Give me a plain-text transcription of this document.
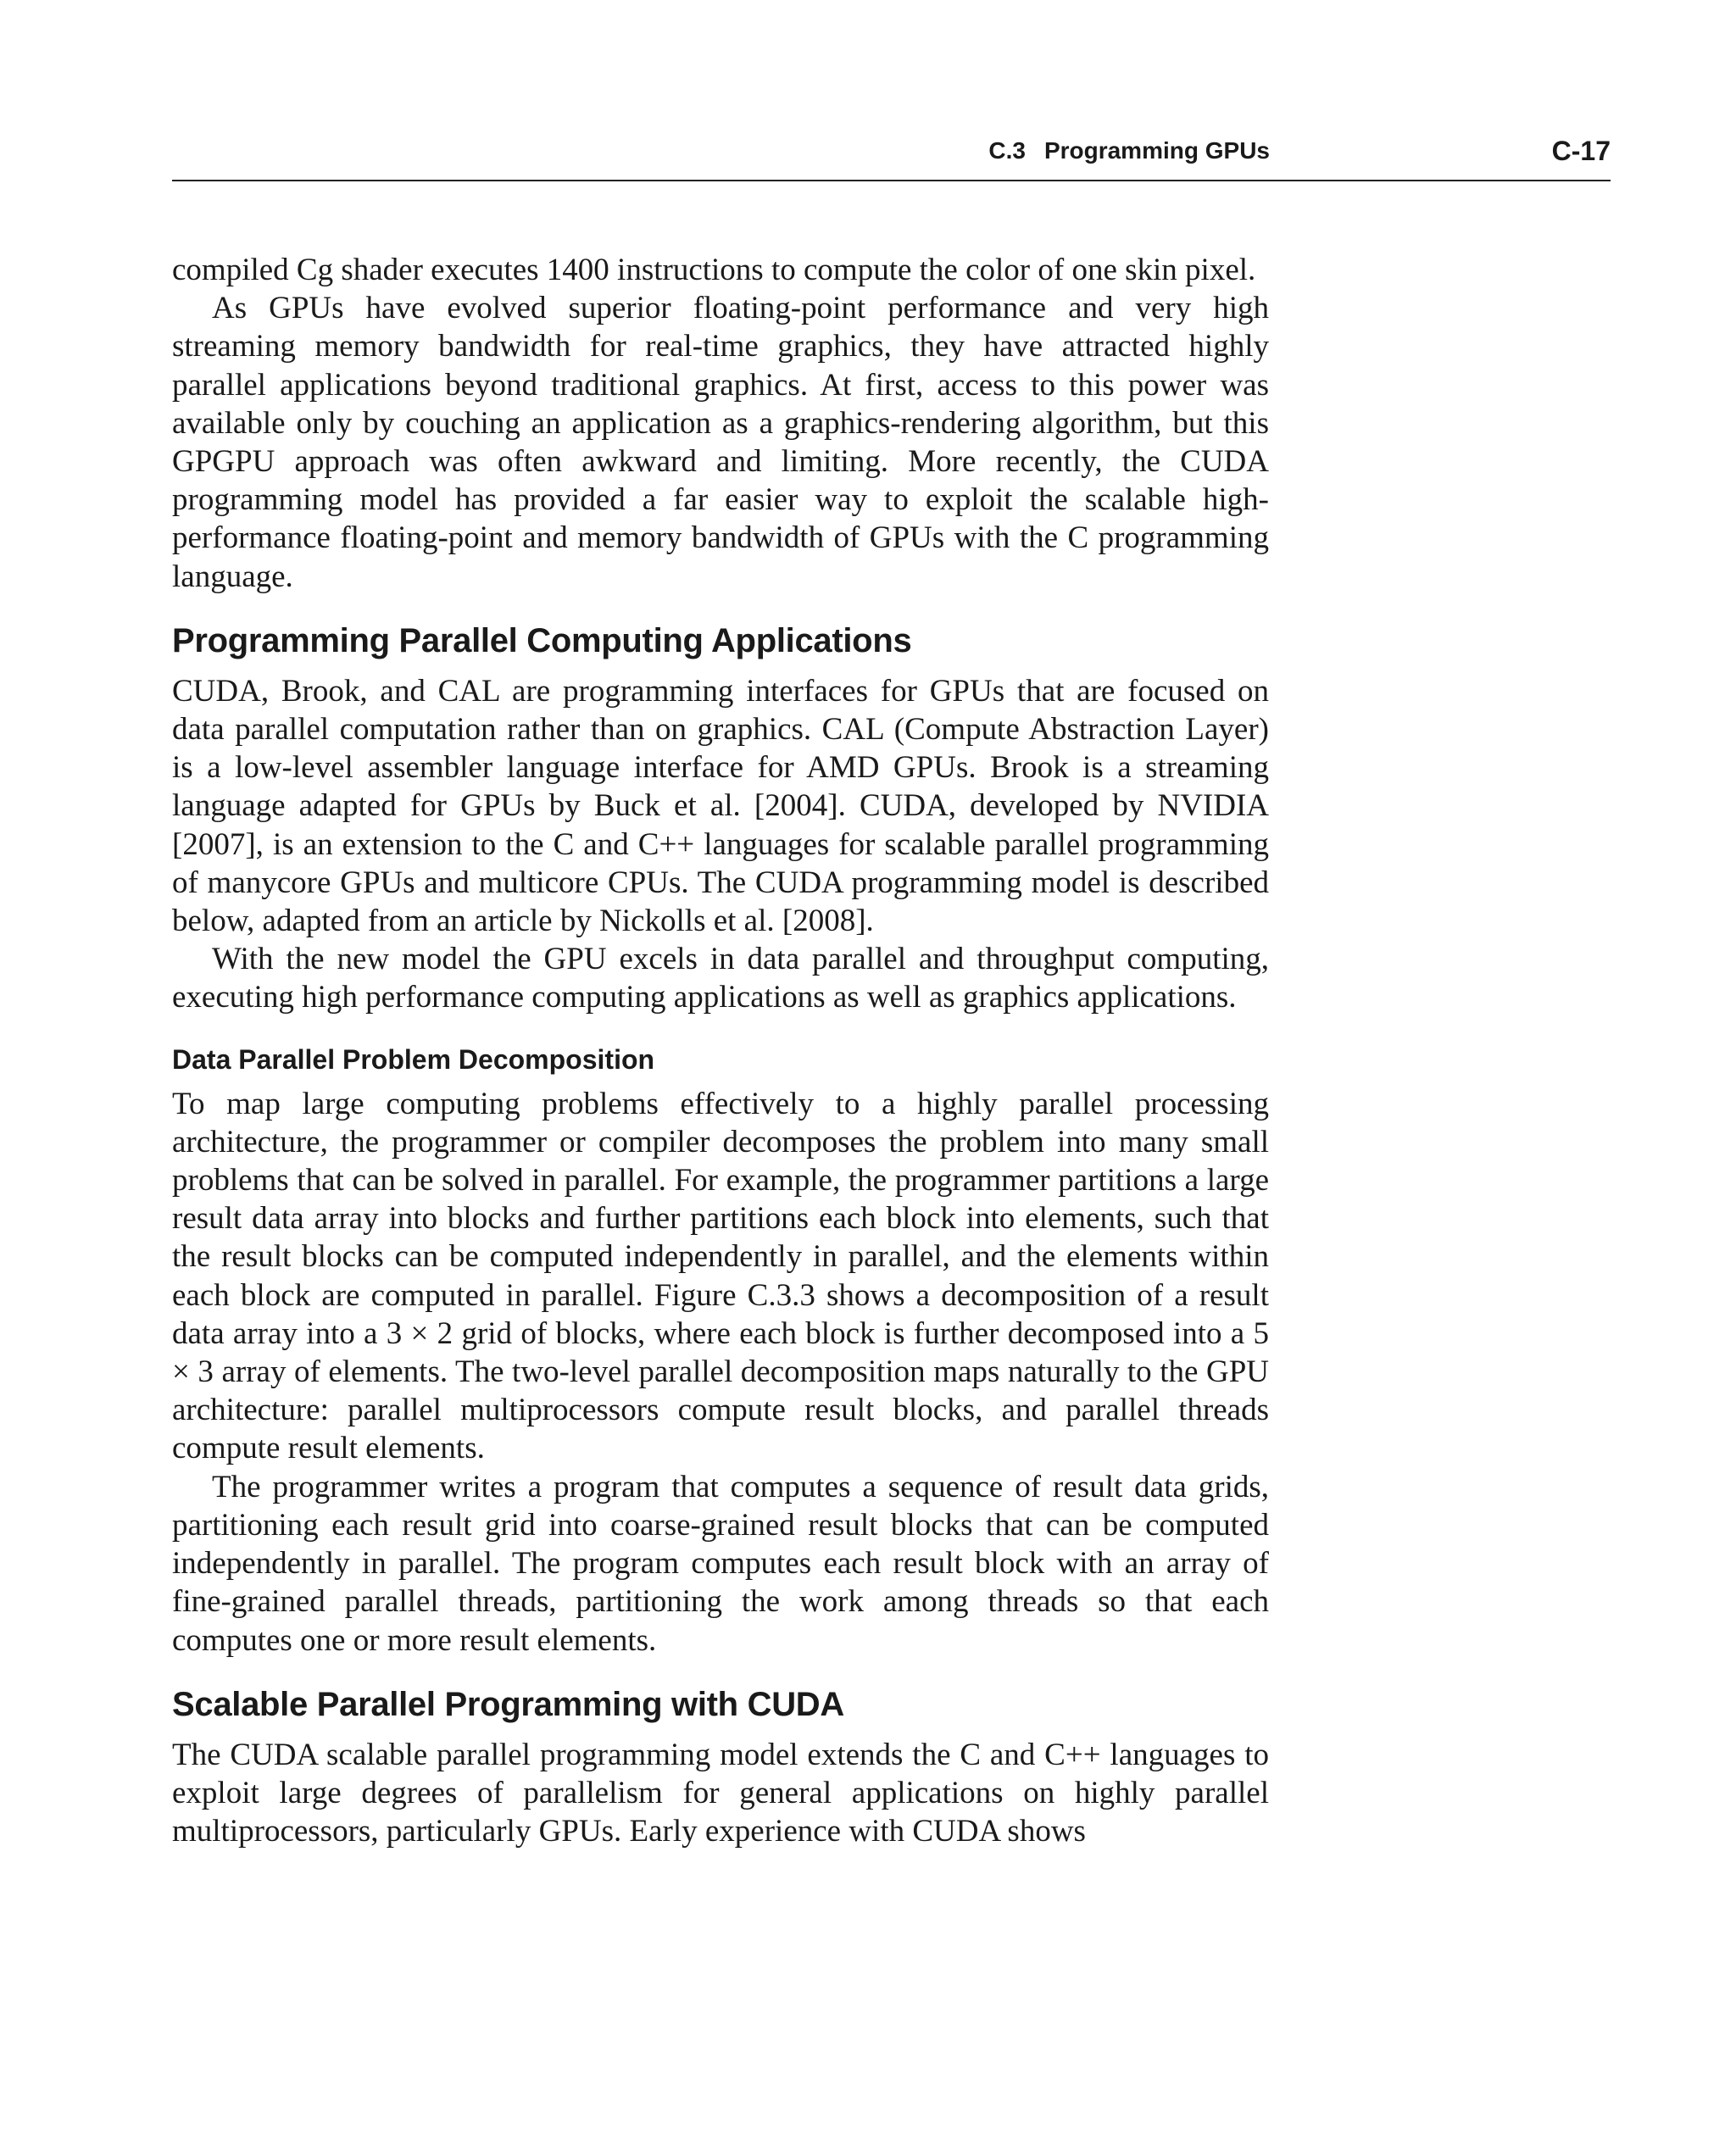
C.3 Programming GPUs	C-17

compiled Cg shader executes 1400 instructions to compute the color of one skin pixel.

As GPUs have evolved superior floating-point performance and very high streaming memory bandwidth for real-time graphics, they have attracted highly parallel applications beyond traditional graphics. At first, access to this power was available only by couching an application as a graphics-rendering algorithm, but this GPGPU approach was often awkward and limiting. More recently, the CUDA programming model has provided a far easier way to exploit the scalable high-performance floating-point and memory bandwidth of GPUs with the C programming language.

Programming Parallel Computing Applications

CUDA, Brook, and CAL are programming interfaces for GPUs that are focused on data parallel computation rather than on graphics. CAL (Compute Abstraction Layer) is a low-level assembler language interface for AMD GPUs. Brook is a streaming language adapted for GPUs by Buck et al. [2004]. CUDA, developed by NVIDIA [2007], is an extension to the C and C++ languages for scalable parallel programming of manycore GPUs and multicore CPUs. The CUDA programming model is described below, adapted from an article by Nickolls et al. [2008].

With the new model the GPU excels in data parallel and throughput computing, executing high performance computing applications as well as graphics applications.

Data Parallel Problem Decomposition

To map large computing problems effectively to a highly parallel processing architecture, the programmer or compiler decomposes the problem into many small problems that can be solved in parallel. For example, the programmer partitions a large result data array into blocks and further partitions each block into elements, such that the result blocks can be computed independently in parallel, and the elements within each block are computed in parallel. Figure C.3.3 shows a decomposition of a result data array into a 3 × 2 grid of blocks, where each block is further decomposed into a 5 × 3 array of elements. The two-level parallel decomposition maps naturally to the GPU architecture: parallel multiprocessors compute result blocks, and parallel threads compute result elements.

The programmer writes a program that computes a sequence of result data grids, partitioning each result grid into coarse-grained result blocks that can be computed independently in parallel. The program computes each result block with an array of fine-grained parallel threads, partitioning the work among threads so that each computes one or more result elements.

Scalable Parallel Programming with CUDA

The CUDA scalable parallel programming model extends the C and C++ languages to exploit large degrees of parallelism for general applications on highly parallel multiprocessors, particularly GPUs. Early experience with CUDA shows
